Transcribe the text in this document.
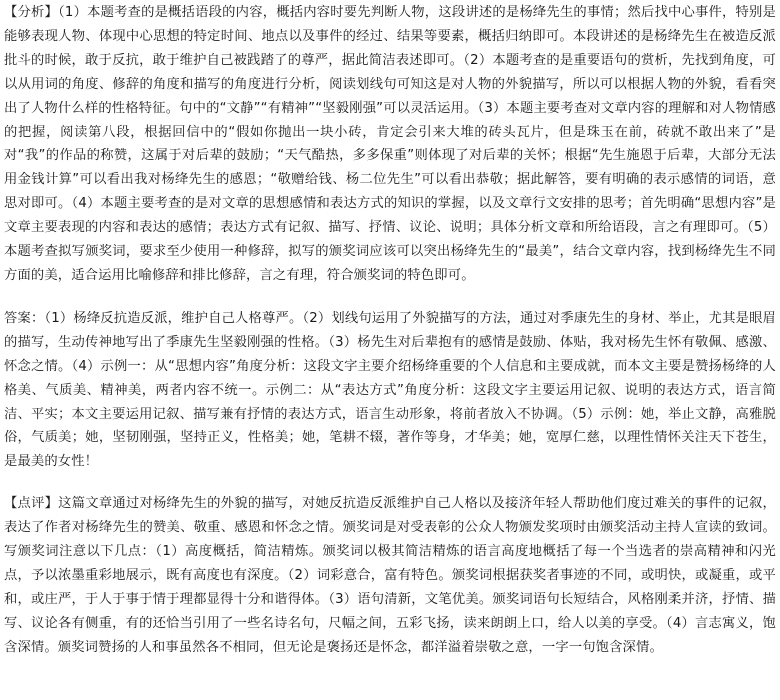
【分析】（1）本题考查的是概括语段的内容，概括内容时要先判断人物，这段讲述的是杨绛先生的事情；然后找中心事件，特别是能够表现人物、体现中心思想的特定时间、地点以及事件的经过、结果等要素，概括归纳即可。本段讲述的是杨绛先生在被造反派批斗的时候，敢于反抗，敢于维护自己被践踏了的尊严，据此简洁表述即可。（2）本题考查的是重要语句的赏析，先找到角度，可以从用词的角度、修辞的角度和描写的角度进行分析，阅读划线句可知这是对人物的外貌描写，所以可以根据人物的外貌，看看突出了人物什么样的性格特征。句中的“文静”“有精神”“坚毅刚强”可以灵活运用。（3）本题主要考查对文章内容的理解和对人物情感的把握，阅读第八段，根据回信中的“假如你抛出一块小砖，肯定会引来大堆的砖头瓦片，但是珠玉在前，砖就不敢出来了”是对“我”的作品的称赞，这属于对后辈的鼓励；“天气酷热，多多保重”则体现了对后辈的关怀；根据“先生施恩于后辈，大部分无法用金钱计算”可以看出我对杨绛先生的感恩；“敬赠给钱、杨二位先生”可以看出恭敬；据此解答，要有明确的表示感情的词语，意思对即可。（4）本题主要考查的是对文章的思想感情和表达方式的知识的掌握，以及文章行文安排的思考；首先明确“思想内容”是文章主要表现的内容和表达的感情；表达方式有记叙、描写、抒情、议论、说明；具体分析文章和所给语段，言之有理即可。（5）本题考查拟写颁奖词，要求至少使用一种修辞，拟写的颁奖词应该可以突出杨绛先生的“最美”，结合文章内容，找到杨绛先生不同方面的美，适合运用比喻修辞和排比修辞，言之有理，符合颁奖词的特色即可。

答案：（1）杨绛反抗造反派，维护自己人格尊严。（2）划线句运用了外貌描写的方法，通过对季康先生的身材、举止，尤其是眼眉的描写，生动传神地写出了季康先生坚毅刚强的性格。（3）杨先生对后辈抱有的感情是鼓励、体贴，我对杨先生怀有敬佩、感激、怀念之情。（4）示例一：从“思想内容”角度分析：这段文字主要介绍杨绛重要的个人信息和主要成就，而本文主要是赞扬杨绛的人格美、气质美、精神美，两者内容不统一。示例二：从“表达方式”角度分析：这段文字主要运用记叙、说明的表达方式，语言简洁、平实；本文主要运用记叙、描写兼有抒情的表达方式，语言生动形象，将前者放入不协调。（5）示例：她，举止文静，高雅脱俗，气质美；她，坚韧刚强，坚持正义，性格美；她，笔耕不辍，著作等身，才华美；她，宽厚仁慈，以理性情怀关注天下苍生，是最美的女性！

【点评】这篇文章通过对杨绛先生的外貌的描写，对她反抗造反派维护自己人格以及接济年轻人帮助他们度过难关的事件的记叙，表达了作者对杨绛先生的赞美、敬重、感恩和怀念之情。颁奖词是对受表彰的公众人物颁发奖项时由颁奖活动主持人宣读的致词。写颁奖词注意以下几点：（1）高度概括，简洁精炼。颁奖词以极其简洁精炼的语言高度地概括了每一个当选者的崇高精神和闪光点，予以浓墨重彩地展示，既有高度也有深度。（2）词彩意合，富有特色。颁奖词根据获奖者事迹的不同，或明快，或凝重，或平和，或庄严，于人于事于情于理都显得十分和谐得体。（3）语句清新，文笔优美。颁奖词语句长短结合，风格刚柔并济，抒情、描写、议论各有侧重，有的还恰当引用了一些名诗名句，尺幅之间，五彩飞扬，读来朗朗上口，给人以美的享受。（4）言志寓义，饱含深情。颁奖词赞扬的人和事虽然各不相同，但无论是褒扬还是怀念，都洋溢着崇敬之意，一字一句饱含深情。
